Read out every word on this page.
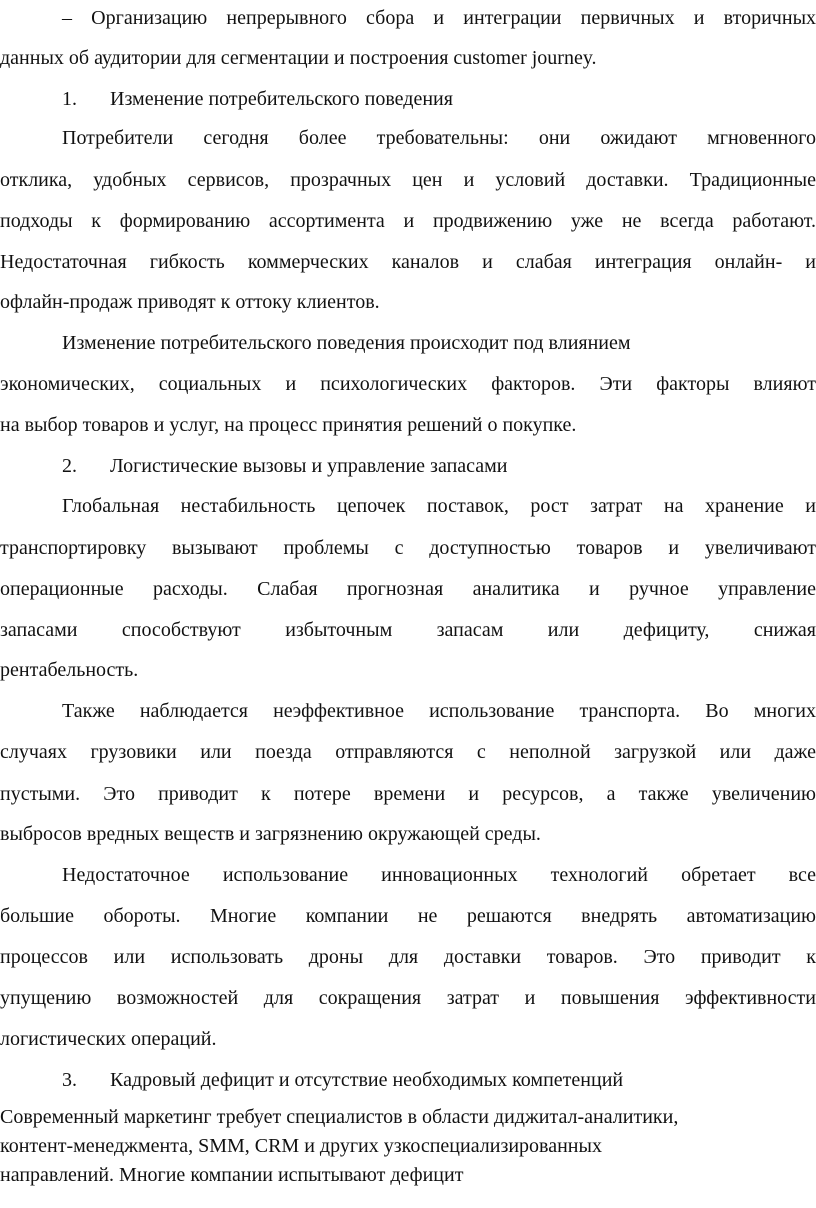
– Организацию непрерывного сбора и интеграции первичных и вторичных
данных об аудитории для сегментации и построения customer journey.
1.	Изменение потребительского поведения
Потребители сегодня более требовательны: они ожидают мгновенного
отклика, удобных сервисов, прозрачных цен и условий доставки. Традиционные
подходы к формированию ассортимента и продвижению уже не всегда работают.
Недостаточная гибкость коммерческих каналов и слабая интеграция онлайн- и
офлайн-продаж приводят к оттоку клиентов.
Изменение потребительского поведения происходит под влиянием
экономических, социальных и психологических факторов. Эти факторы влияют
на выбор товаров и услуг, на процесс принятия решений о покупке.
2.	Логистические вызовы и управление запасами
Глобальная нестабильность цепочек поставок, рост затрат на хранение и
транспортировку вызывают проблемы с доступностью товаров и увеличивают
операционные расходы. Слабая прогнозная аналитика и ручное управление
запасами способствуют избыточным запасам или дефициту, снижая
рентабельность.
Также наблюдается неэффективное использование транспорта. Во многих
случаях грузовики или поезда отправляются с неполной загрузкой или даже
пустыми. Это приводит к потере времени и ресурсов, а также увеличению
выбросов вредных веществ и загрязнению окружающей среды.
Недостаточное использование инновационных технологий обретает все
большие обороты. Многие компании не решаются внедрять автоматизацию
процессов или использовать дроны для доставки товаров. Это приводит к
упущению возможностей для сокращения затрат и повышения эффективности
логистических операций.
3.	Кадровый дефицит и отсутствие необходимых компетенций
Современный маркетинг требует специалистов в области диджитал-аналитики,
контент-менеджмента, SMM, CRM и других узкоспециализированных
направлений. Многие компании испытывают дефицит
